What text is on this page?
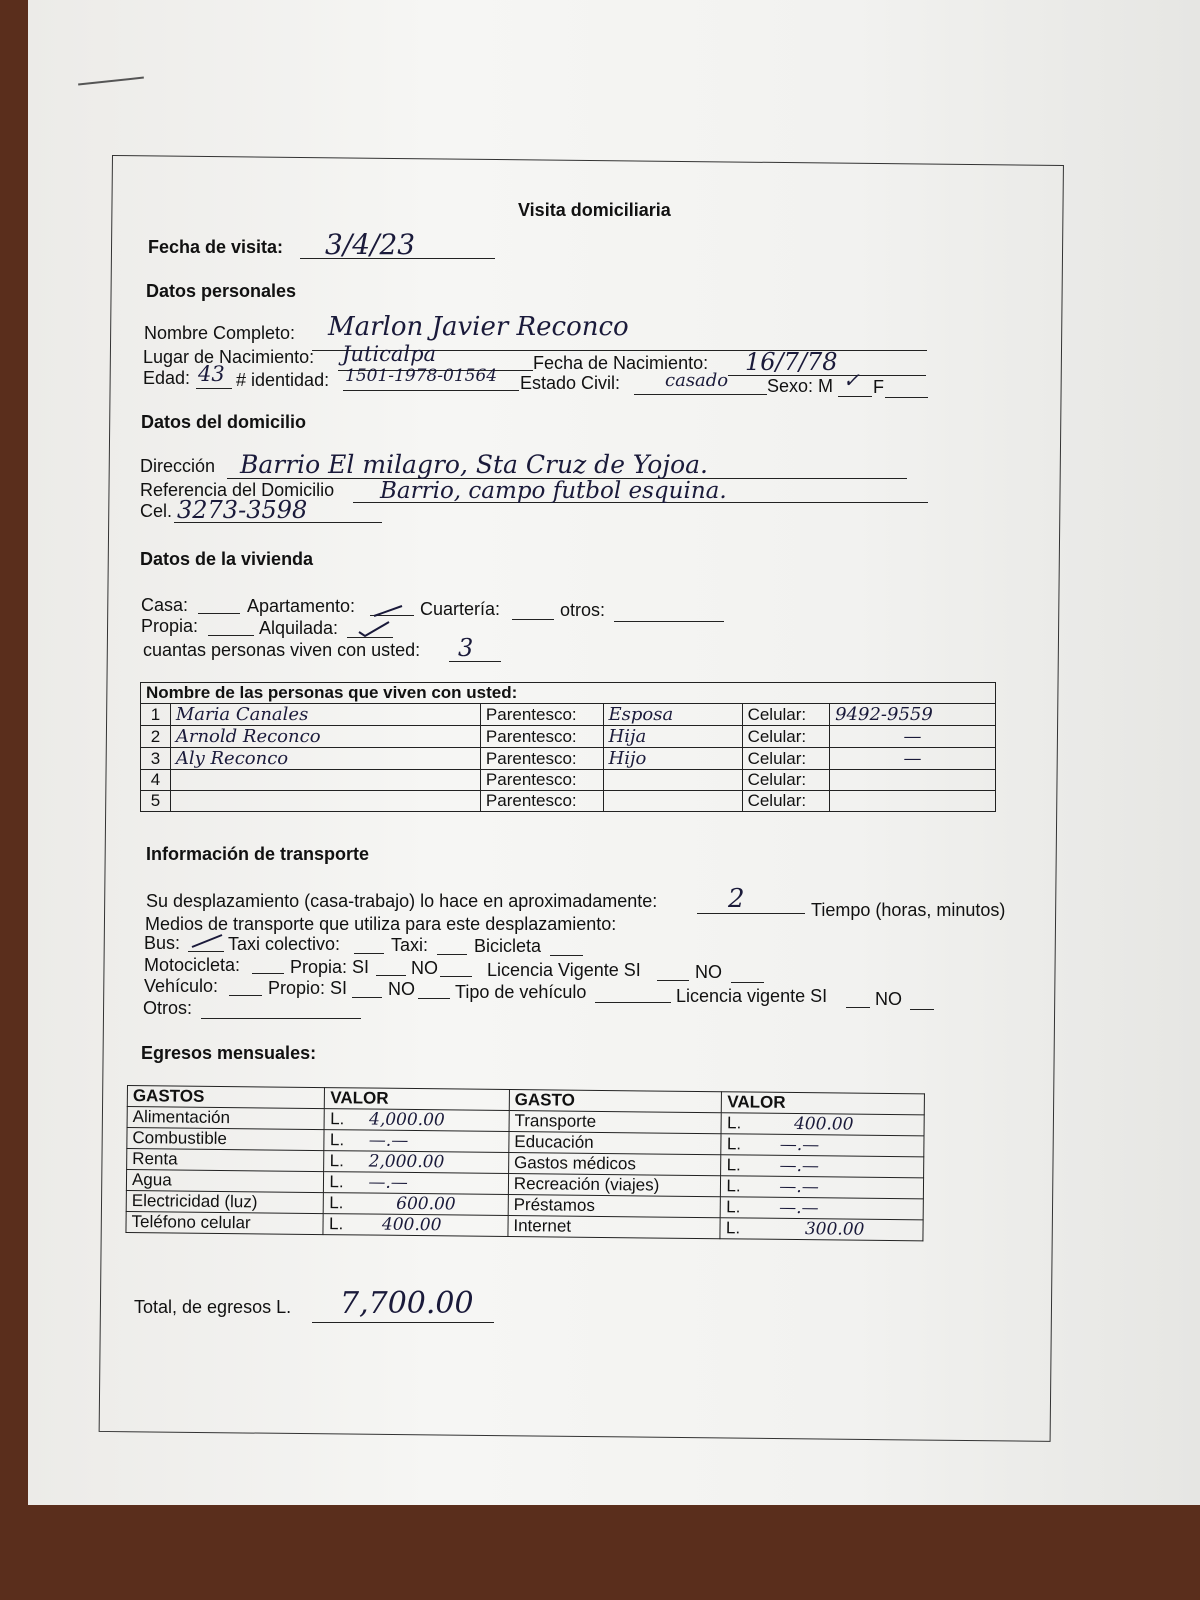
Visita domiciliaria
Fecha de visita: 3/4/23
Datos personales
Nombre Completo: Marlon Javier Reconco
Lugar de Nacimiento: Juticalpa	Fecha de Nacimiento: 16/7/78
Edad: 43 # identidad: 1501-1978-01564 Estado Civil: casado Sexo: M ✓ F
Datos del domicilio
Dirección Barrio El milagro, Sta Cruz de Yojoa.
Referencia del Domicilio Barrio, campo futbol esquina.
Cel. 3273-3598
Datos de la vivienda
Casa:	Apartamento:	Cuartería:	otros:
Propia:	Alquilada:
cuantas personas viven con usted: 3
Nombre de las personas que viven con usted:					
1	Maria Canales	Parentesco:	Esposa	Celular:	9492-9559
2	Arnold Reconco	Parentesco:	Hija	Celular:	—
3	Aly Reconco	Parentesco:	Hijo	Celular:	—
4		Parentesco:		Celular:	
5		Parentesco:		Celular:	
Información de transporte
Su desplazamiento (casa-trabajo) lo hace en aproximadamente:	2	Tiempo (horas, minutos)
Medios de transporte que utiliza para este desplazamiento:
Bus:	Taxi colectivo:	Taxi:	Bicicleta
Motocicleta:	Propia: SI NO	Licencia Vigente SI	NO
Vehículo:	Propio: SI NO Tipo de vehículo	Licencia vigente SI	NO
Otros:
Egresos mensuales:
GASTOS	VALOR	GASTO	VALOR
Alimentación	L. 4,000.00	Transporte	L. 400.00
Combustible	L. —.—	Educación	L. —.—
Renta	L. 2,000.00	Gastos médicos	L. —.—
Agua	L. —.—	Recreación (viajes)	L. —.—
Electricidad (luz)	L. 600.00	Préstamos	L. —.—
Teléfono celular	L. 400.00	Internet	L. 300.00
Total, de egresos L. 7,700.00
